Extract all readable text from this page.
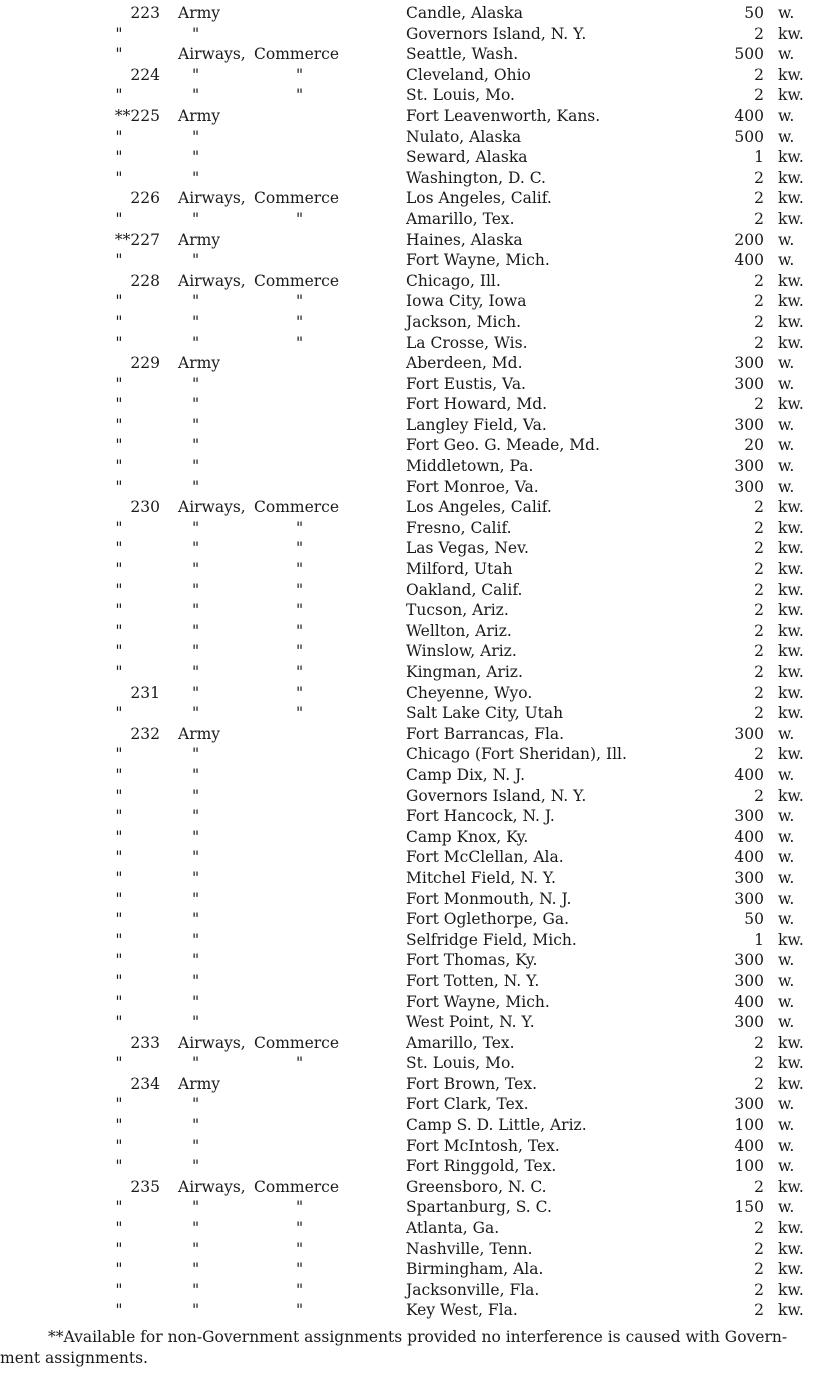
223 Army	Candle, Alaska	50 w.
"	"	Governors Island, N. Y.	2 kw.
"	Airways, Commerce	Seattle, Wash.	500 w.
224 "	"	Cleveland, Ohio	2 kw.
"	"	"	St. Louis, Mo.	2 kw.
**225 Army	Fort Leavenworth, Kans.	400 w.
"	"	Nulato, Alaska	500 w.
"	"	Seward, Alaska	1 kw.
"	"	Washington, D. C.	2 kw.
226 Airways, Commerce	Los Angeles, Calif.	2 kw.
"	"	"	Amarillo, Tex.	2 kw.
**227 Army	Haines, Alaska	200 w.
"	"	Fort Wayne, Mich.	400 w.
228 Airways, Commerce	Chicago, Ill.	2 kw.
"	"	"	Iowa City, Iowa	2 kw.
"	"	"	Jackson, Mich.	2 kw.
"	"	"	La Crosse, Wis.	2 kw.
229 Army	Aberdeen, Md.	300 w.
"	"	Fort Eustis, Va.	300 w.
"	"	Fort Howard, Md.	2 kw.
"	"	Langley Field, Va.	300 w.
"	"	Fort Geo. G. Meade, Md.	20 w.
"	"	Middletown, Pa.	300 w.
"	"	Fort Monroe, Va.	300 w.
230 Airways, Commerce	Los Angeles, Calif.	2 kw.
"	"	"	Fresno, Calif.	2 kw.
"	"	"	Las Vegas, Nev.	2 kw.
"	"	"	Milford, Utah	2 kw.
"	"	"	Oakland, Calif.	2 kw.
"	"	"	Tucson, Ariz.	2 kw.
"	"	"	Wellton, Ariz.	2 kw.
"	"	"	Winslow, Ariz.	2 kw.
"	"	"	Kingman, Ariz.	2 kw.
231 "	"	Cheyenne, Wyo.	2 kw.
"	"	"	Salt Lake City, Utah	2 kw.
232 Army	Fort Barrancas, Fla.	300 w.
"	"	Chicago (Fort Sheridan), Ill.	2 kw.
"	"	Camp Dix, N. J.	400 w.
"	"	Governors Island, N. Y.	2 kw.
"	"	Fort Hancock, N. J.	300 w.
"	"	Camp Knox, Ky.	400 w.
"	"	Fort McClellan, Ala.	400 w.
"	"	Mitchel Field, N. Y.	300 w.
"	"	Fort Monmouth, N. J.	300 w.
"	"	Fort Oglethorpe, Ga.	50 w.
"	"	Selfridge Field, Mich.	1 kw.
"	"	Fort Thomas, Ky.	300 w.
"	"	Fort Totten, N. Y.	300 w.
"	"	Fort Wayne, Mich.	400 w.
"	"	West Point, N. Y.	300 w.
233 Airways, Commerce	Amarillo, Tex.	2 kw.
"	"	"	St. Louis, Mo.	2 kw.
234 Army	Fort Brown, Tex.	2 kw.
"	"	Fort Clark, Tex.	300 w.
"	"	Camp S. D. Little, Ariz.	100 w.
"	"	Fort McIntosh, Tex.	400 w.
"	"	Fort Ringgold, Tex.	100 w.
235 Airways, Commerce	Greensboro, N. C.	2 kw.
"	"	"	Spartanburg, S. C.	150 w.
"	"	"	Atlanta, Ga.	2 kw.
"	"	"	Nashville, Tenn.	2 kw.
"	"	"	Birmingham, Ala.	2 kw.
"	"	"	Jacksonville, Fla.	2 kw.
"	"	"	Key West, Fla.	2 kw.
**Available for non-Government assignments provided no interference is caused with Govern-
ment assignments.
